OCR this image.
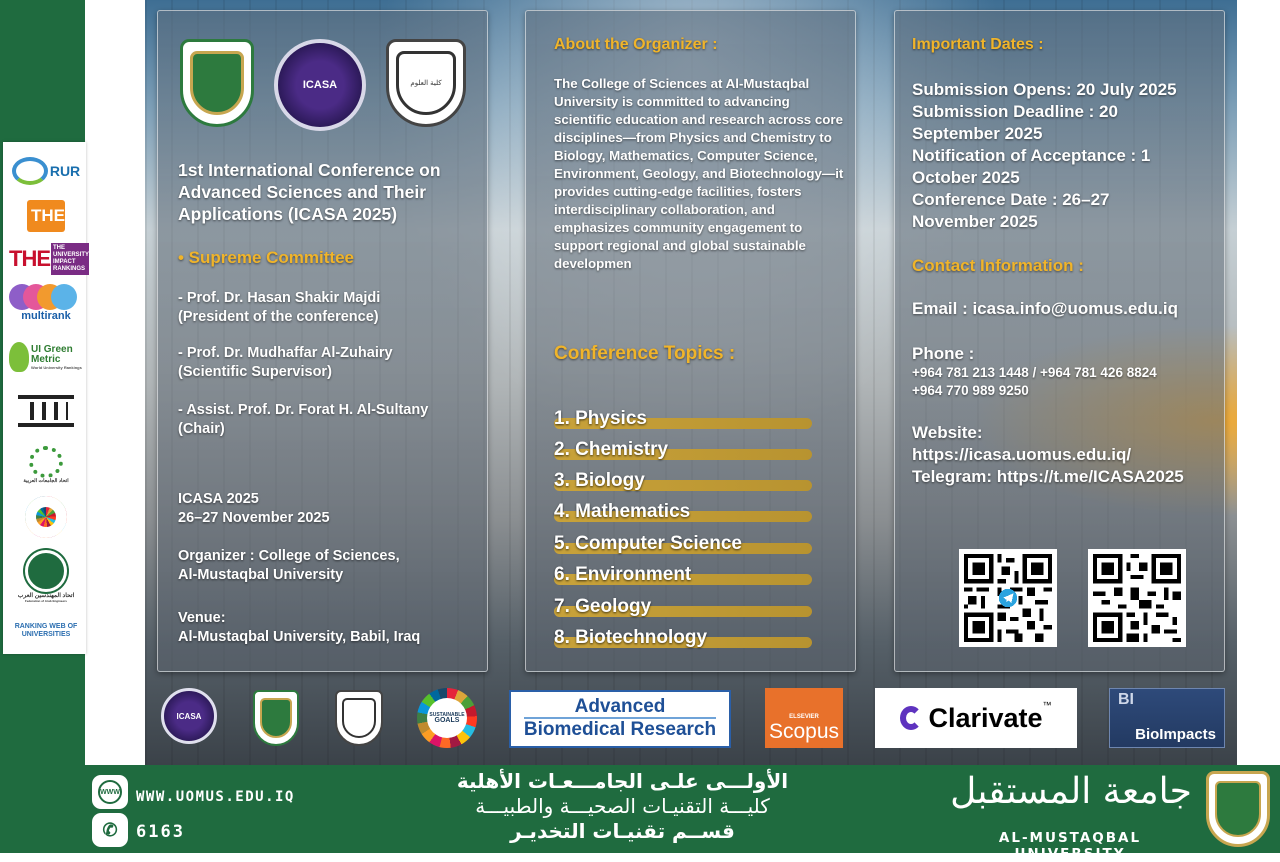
RUR
THE
THE THE UNIVERSITY IMPACT RANKINGS
multirank
UI Green Metric
World University Rankings
اتحاد الجامعات العربية
اتحاد المهندسين العرب
Federation of Arab Engineers
RANKING WEB OF UNIVERSITIES
ICASA	كلية العلوم
1st International Conference on Advanced Sciences and Their Applications (ICASA 2025)
• Supreme Committee
- Prof. Dr. Hasan Shakir Majdi
(President of the conference)
- Prof. Dr. Mudhaffar Al-Zuhairy
(Scientific Supervisor)
- Assist. Prof. Dr. Forat H. Al-Sultany
(Chair)
ICASA 2025
26–27 November 2025
Organizer : College of Sciences,
Al-Mustaqbal University
Venue:
Al-Mustaqbal University, Babil, Iraq
About the Organizer :
The College of Sciences at Al-Mustaqbal University is committed to advancing scientific education and research across core disciplines—from Physics and Chemistry to Biology, Mathematics, Computer Science, Environment, Geology, and Biotechnology—it provides cutting-edge facilities, fosters interdisciplinary collaboration, and emphasizes community engagement to support regional and global sustainable developmen
Conference Topics :
1. Physics
2. Chemistry
3. Biology
4. Mathematics
5. Computer Science
6. Environment
7. Geology
8. Biotechnology
Important Dates :
Submission Opens: 20 July 2025
Submission Deadline : 20
September 2025
Notification of Acceptance : 1
October 2025
Conference Date : 26–27
November 2025
Contact Information :
Email : icasa.info@uomus.edu.iq
Phone :
+964 781 213 1448 / +964 781 426 8824
+964 770 989 9250
Website:
https://icasa.uomus.edu.iq/
Telegram: https://t.me/ICASA2025
ICASA	SUSTAINABLE
GOALS
Advanced
Biomedical Research
ELSEVIER
Scopus	Clarivate ™	BI
BioImpacts
WWW WWW.UOMUS.EDU.IQ
✆ 6163
الأولـــى علـى الجامـــعـات الأهلية
كليـــة التقنيـات الصحيـــة والطبيـــة
قســم تقنيـات التخديـر
جامعة المستقبل
AL-MUSTAQBAL UNIVERSITY
